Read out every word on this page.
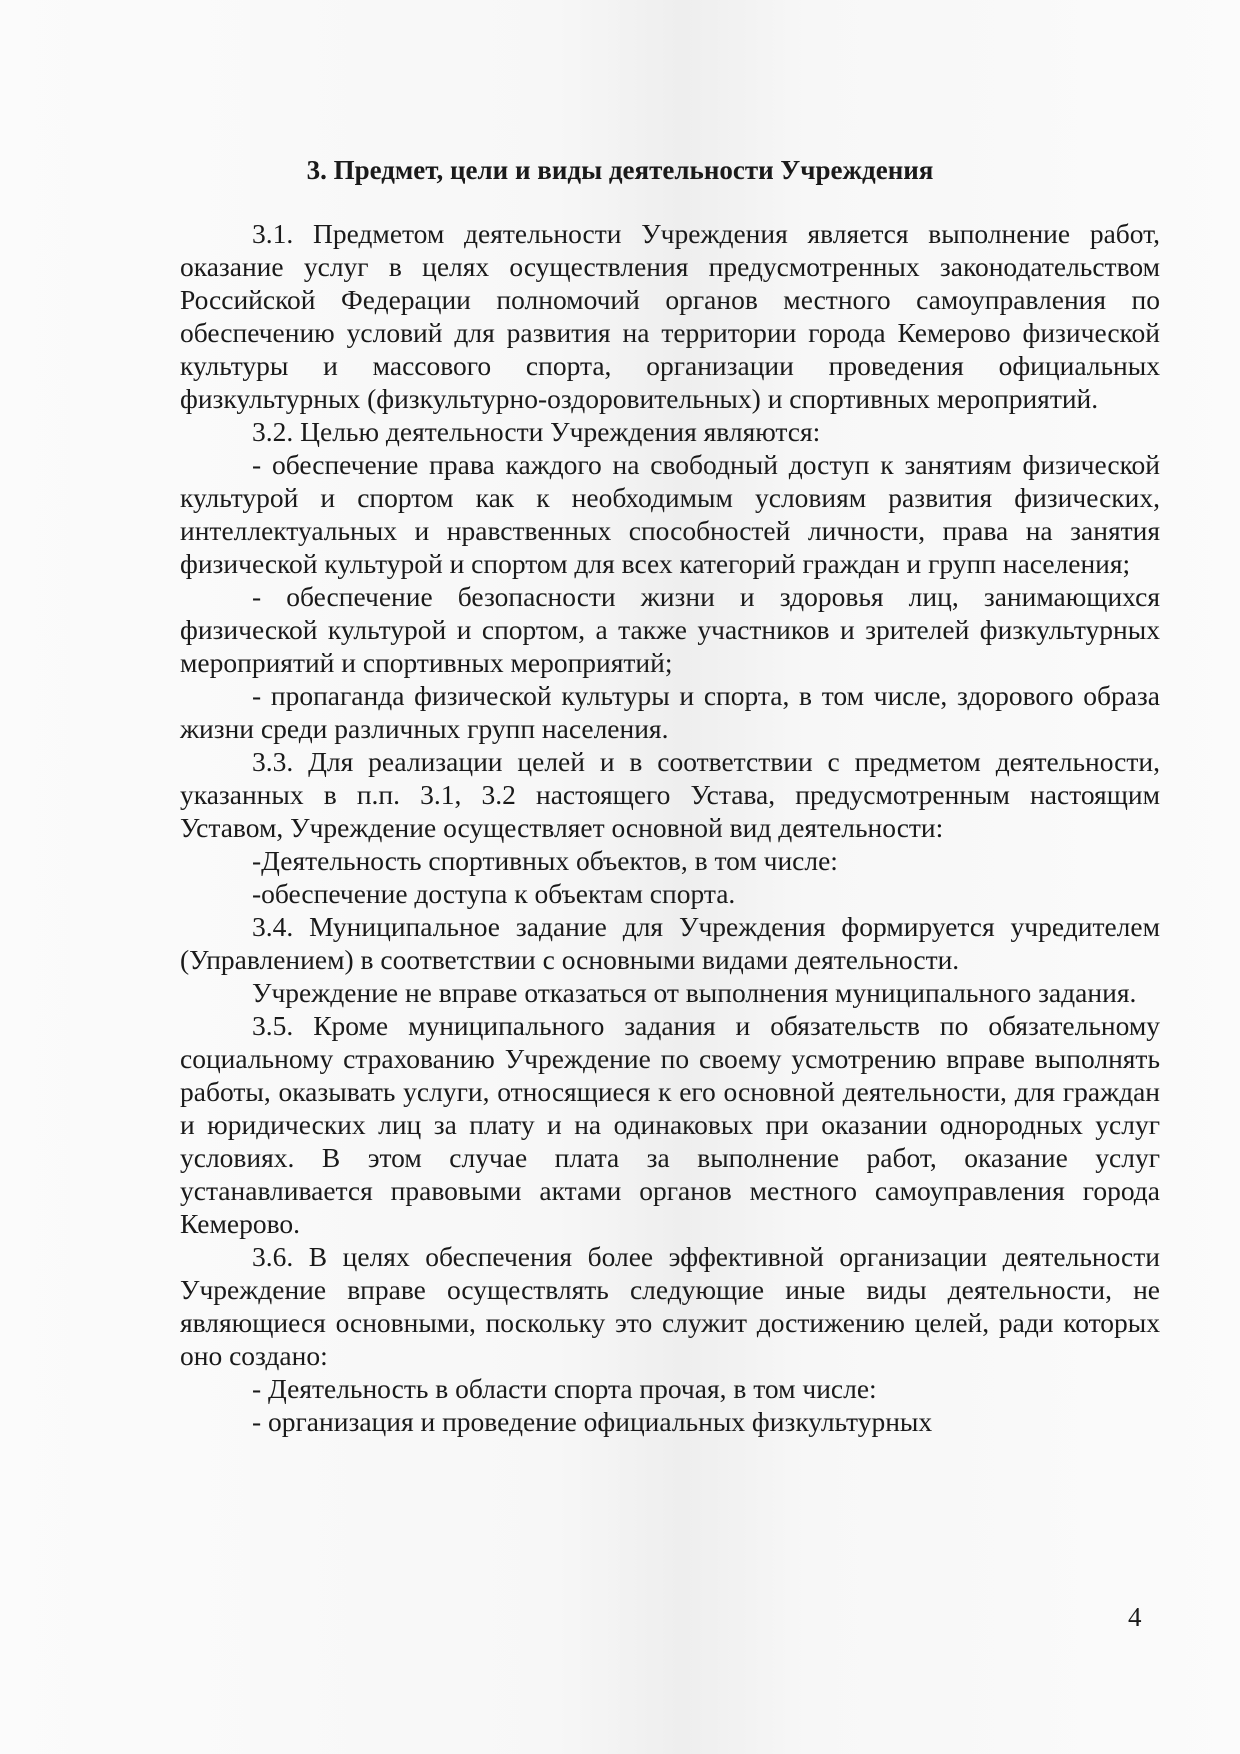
3. Предмет, цели и виды деятельности Учреждения

3.1. Предметом деятельности Учреждения является выполнение работ, оказание услуг в целях осуществления предусмотренных законодательством Российской Федерации полномочий органов местного самоуправления по обеспечению условий для развития на территории города Кемерово физической культуры и массового спорта, организации проведения официальных физкультурных (физкультурно-оздоровительных) и спортивных мероприятий.

3.2. Целью деятельности Учреждения являются:

- обеспечение права каждого на свободный доступ к занятиям физической культурой и спортом как к необходимым условиям развития физических, интеллектуальных и нравственных способностей личности, права на занятия физической культурой и спортом для всех категорий граждан и групп населения;

- обеспечение безопасности жизни и здоровья лиц, занимающихся физической культурой и спортом, а также участников и зрителей физкультурных мероприятий и спортивных мероприятий;

- пропаганда физической культуры и спорта, в том числе, здорового образа жизни среди различных групп населения.

3.3. Для реализации целей и в соответствии с предметом деятельности, указанных в п.п. 3.1, 3.2 настоящего Устава, предусмотренным настоящим Уставом, Учреждение осуществляет основной вид деятельности:

-Деятельность спортивных объектов, в том числе:

-обеспечение доступа к объектам спорта.

3.4. Муниципальное задание для Учреждения формируется учредителем (Управлением) в соответствии с основными видами деятельности.

Учреждение не вправе отказаться от выполнения муниципального задания.

3.5. Кроме муниципального задания и обязательств по обязательному социальному страхованию Учреждение по своему усмотрению вправе выполнять работы, оказывать услуги, относящиеся к его основной деятельности, для граждан и юридических лиц за плату и на одинаковых при оказании однородных услуг условиях. В этом случае плата за выполнение работ, оказание услуг устанавливается правовыми актами органов местного самоуправления города Кемерово.

3.6. В целях обеспечения более эффективной организации деятельности Учреждение вправе осуществлять следующие иные виды деятельности, не являющиеся основными, поскольку это служит достижению целей, ради которых оно создано:

- Деятельность в области спорта прочая, в том числе:

- организация и проведение официальных физкультурных

4
